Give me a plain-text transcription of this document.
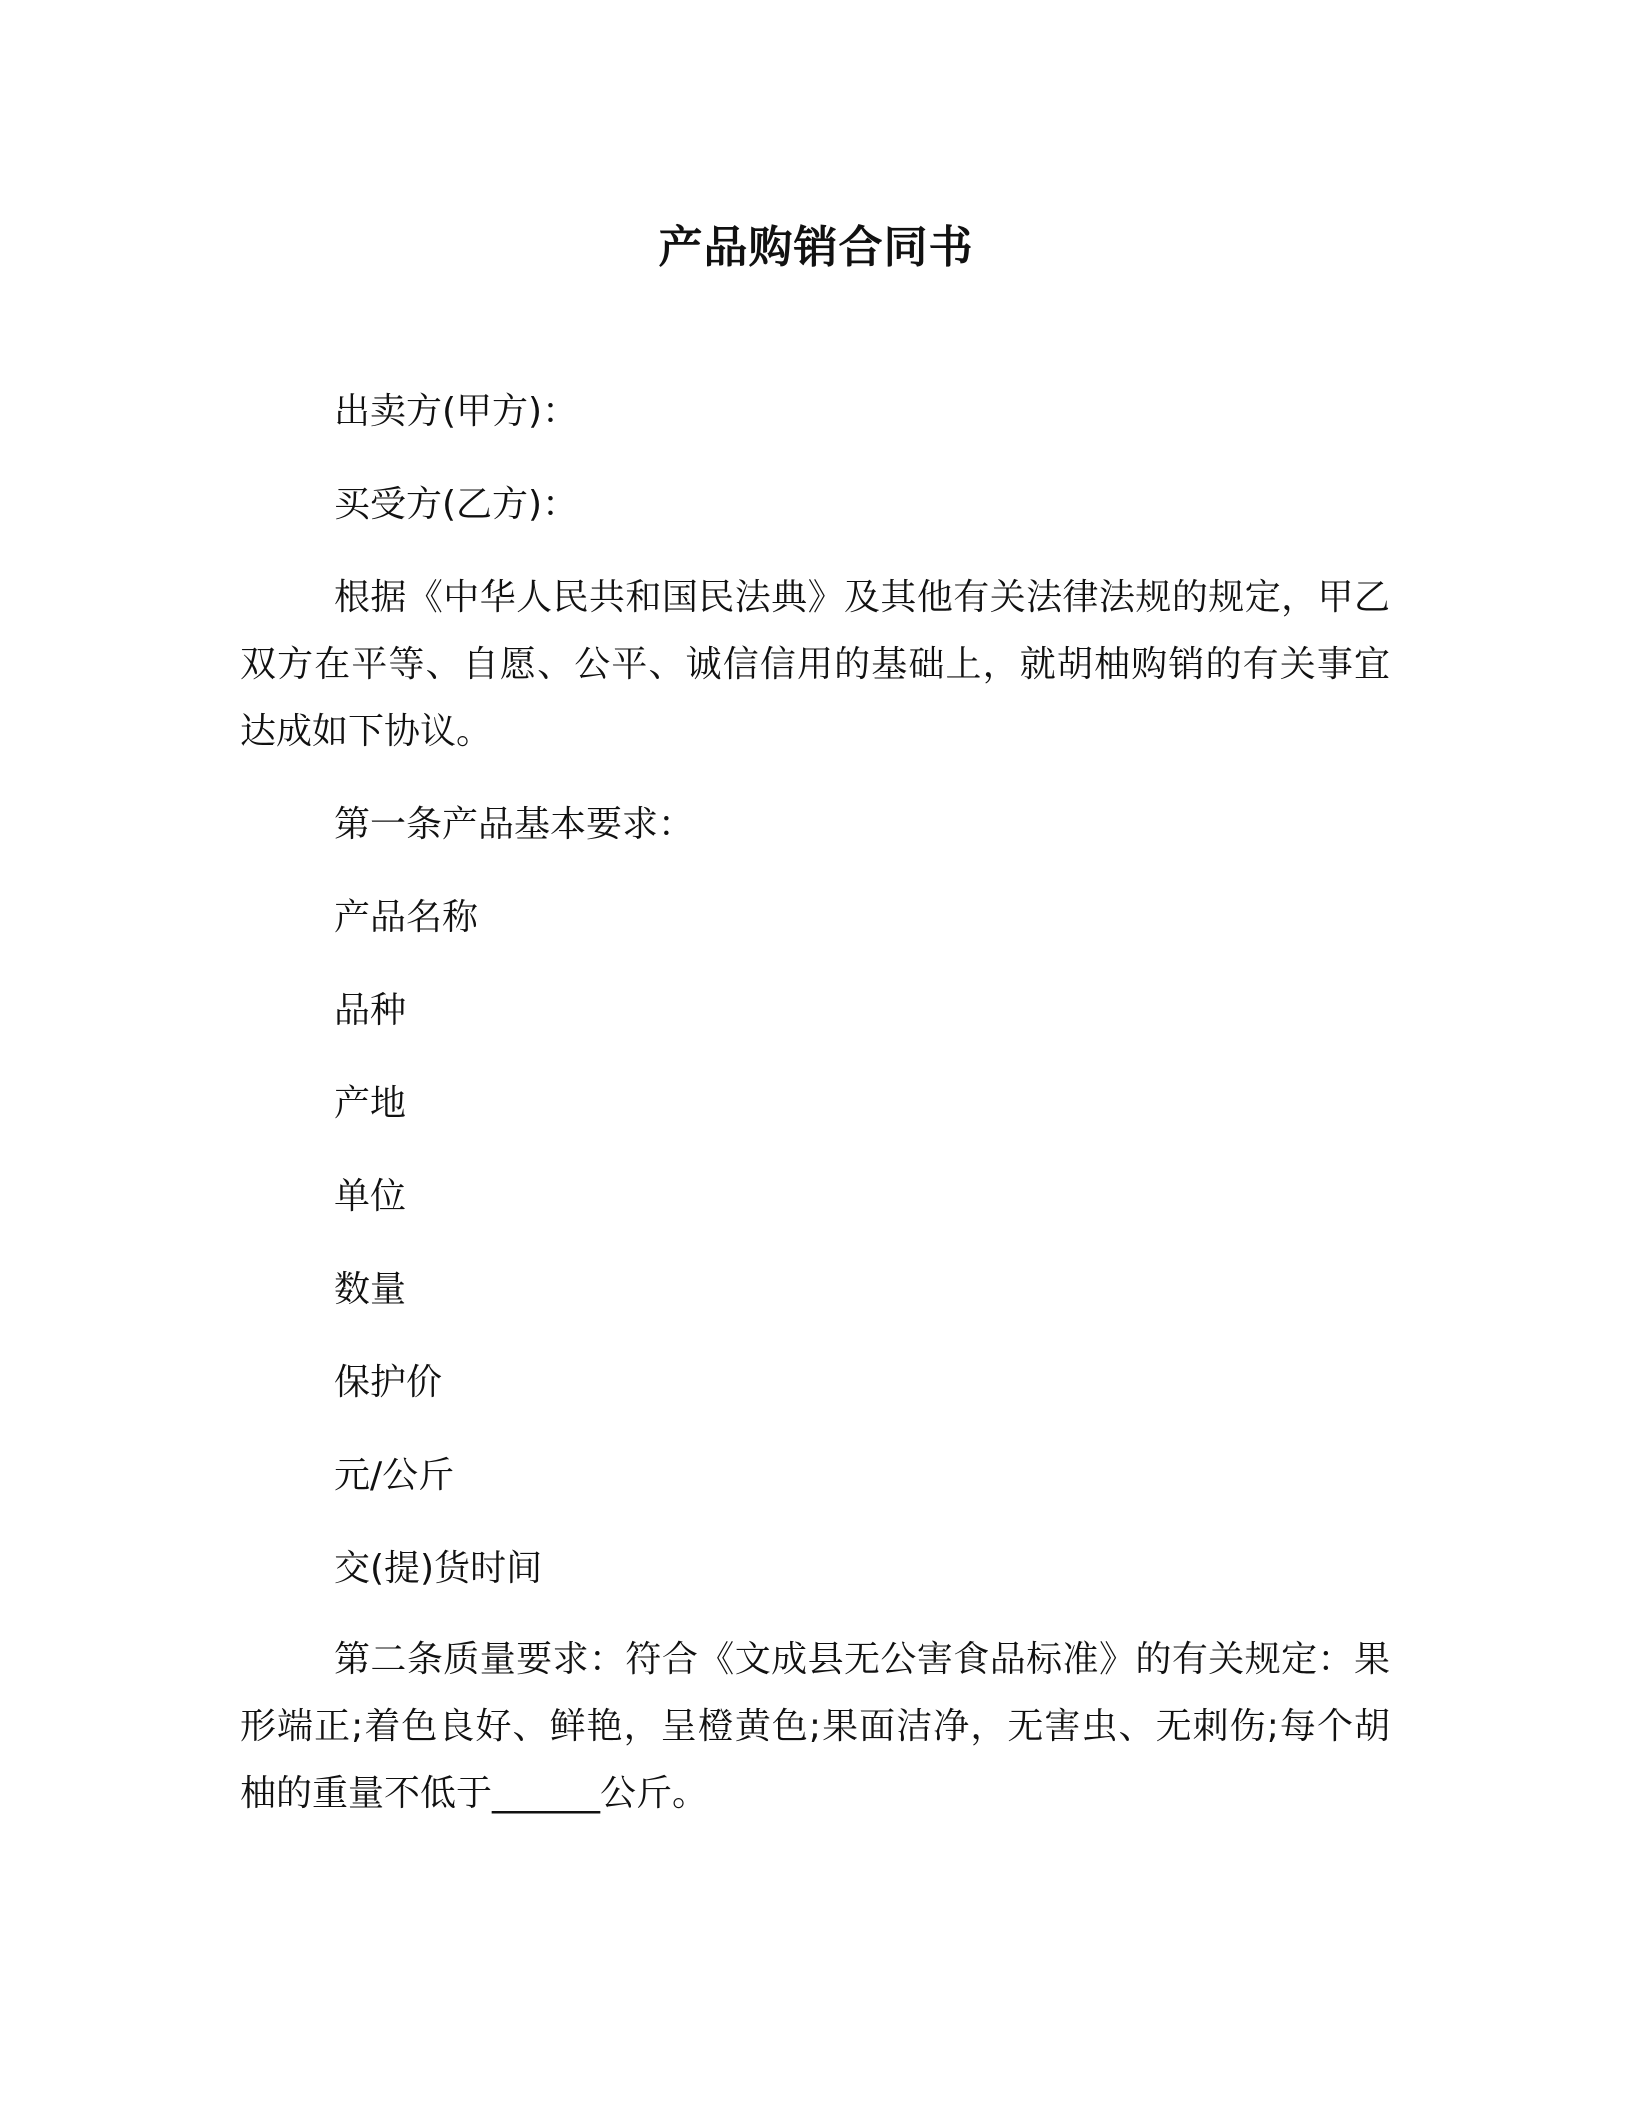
产品购销合同书
出卖方(甲方)：
买受方(乙方)：
根据《中华人民共和国民法典》及其他有关法律法规的规定，甲乙双方在平等、自愿、公平、诚信信用的基础上，就胡柚购销的有关事宜达成如下协议。
第一条产品基本要求：
产品名称
品种
产地
单位
数量
保护价
元/公斤
交(提)货时间
第二条质量要求：符合《文成县无公害食品标准》的有关规定：果形端正;着色良好、鲜艳，呈橙黄色;果面洁净，无害虫、无刺伤;每个胡柚的重量不低于______公斤。
